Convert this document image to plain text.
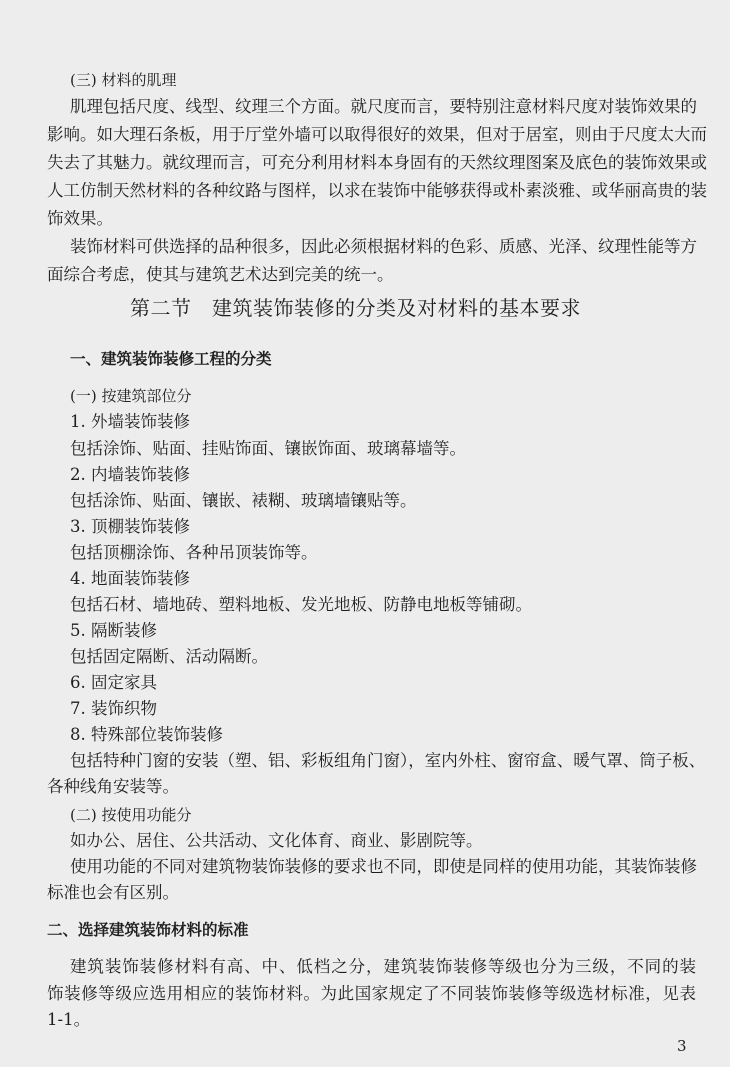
(三) 材料的肌理
肌理包括尺度、线型、纹理三个方面。就尺度而言，要特别注意材料尺度对装饰效果的
影响。如大理石条板，用于厅堂外墙可以取得很好的效果，但对于居室，则由于尺度太大而
失去了其魅力。就纹理而言，可充分利用材料本身固有的天然纹理图案及底色的装饰效果或
人工仿制天然材料的各种纹路与图样，以求在装饰中能够获得或朴素淡雅、或华丽高贵的装
饰效果。
装饰材料可供选择的品种很多，因此必须根据材料的色彩、质感、光泽、纹理性能等方
面综合考虑，使其与建筑艺术达到完美的统一。
第二节　建筑装饰装修的分类及对材料的基本要求
一、建筑装饰装修工程的分类
(一) 按建筑部位分
1. 外墙装饰装修
包括涂饰、贴面、挂贴饰面、镶嵌饰面、玻璃幕墙等。
2. 内墙装饰装修
包括涂饰、贴面、镶嵌、裱糊、玻璃墙镶贴等。
3. 顶棚装饰装修
包括顶棚涂饰、各种吊顶装饰等。
4. 地面装饰装修
包括石材、墙地砖、塑料地板、发光地板、防静电地板等铺砌。
5. 隔断装修
包括固定隔断、活动隔断。
6. 固定家具
7. 装饰织物
8. 特殊部位装饰装修
包括特种门窗的安装（塑、铝、彩板组角门窗），室内外柱、窗帘盒、暖气罩、筒子板、
各种线角安装等。
(二) 按使用功能分
如办公、居住、公共活动、文化体育、商业、影剧院等。
使用功能的不同对建筑物装饰装修的要求也不同，即使是同样的使用功能，其装饰装修
标准也会有区别。
二、选择建筑装饰材料的标准
建筑装饰装修材料有高、中、低档之分，建筑装饰装修等级也分为三级，不同的装
饰装修等级应选用相应的装饰材料。为此国家规定了不同装饰装修等级选材标准，见表
1-1。
3
